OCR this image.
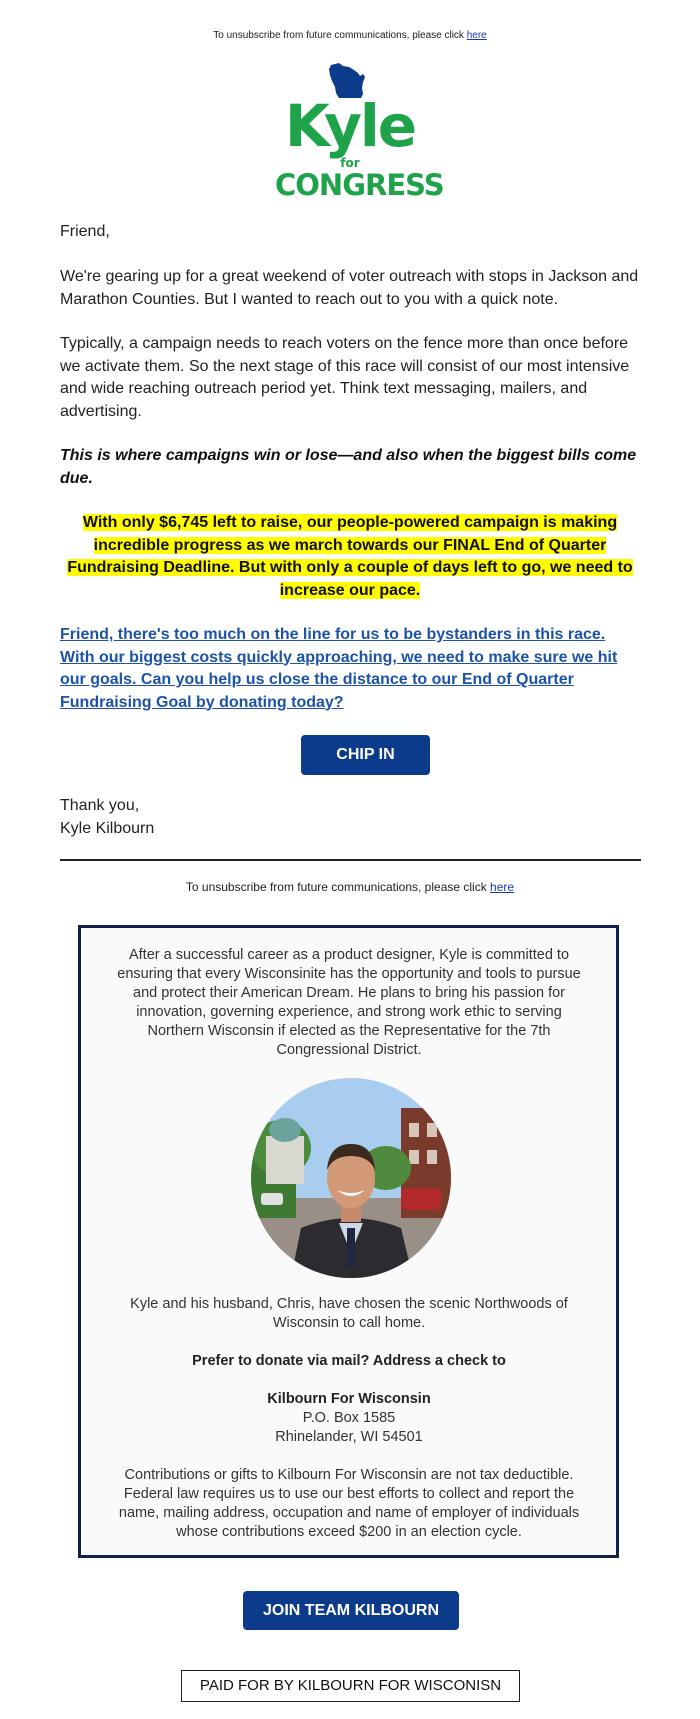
To unsubscribe from future communications, please click here
Kyle
for
CONGRESS

Friend,

We're gearing up for a great weekend of voter outreach with stops in Jackson and Marathon Counties. But I wanted to reach out to you with a quick note.

Typically, a campaign needs to reach voters on the fence more than once before we activate them. So the next stage of this race will consist of our most intensive and wide reaching outreach period yet. Think text messaging, mailers, and advertising.

This is where campaigns win or lose—and also when the biggest bills come due.

With only $6,745 left to raise, our people-powered campaign is making incredible progress as we march towards our FINAL End of Quarter Fundraising Deadline. But with only a couple of days left to go, we need to increase our pace.

Friend, there's too much on the line for us to be bystanders in this race. With our biggest costs quickly approaching, we need to make sure we hit our goals. Can you help us close the distance to our End of Quarter Fundraising Goal by donating today?

CHIP IN
Thank you,
Kyle Kilbourn
To unsubscribe from future communications, please click here
After a successful career as a product designer, Kyle is committed to ensuring that every Wisconsinite has the opportunity and tools to pursue and protect their American Dream. He plans to bring his passion for innovation, governing experience, and strong work ethic to serving Northern Wisconsin if elected as the Representative for the 7th Congressional District.
Kyle and his husband, Chris, have chosen the scenic Northwoods of Wisconsin to call home.
Prefer to donate via mail? Address a check to
Kilbourn For Wisconsin
P.O. Box 1585
Rhinelander, WI 54501
Contributions or gifts to Kilbourn For Wisconsin are not tax deductible. Federal law requires us to use our best efforts to collect and report the name, mailing address, occupation and name of employer of individuals whose contributions exceed $200 in an election cycle.
JOIN TEAM KILBOURN
PAID FOR BY KILBOURN FOR WISCONISN
